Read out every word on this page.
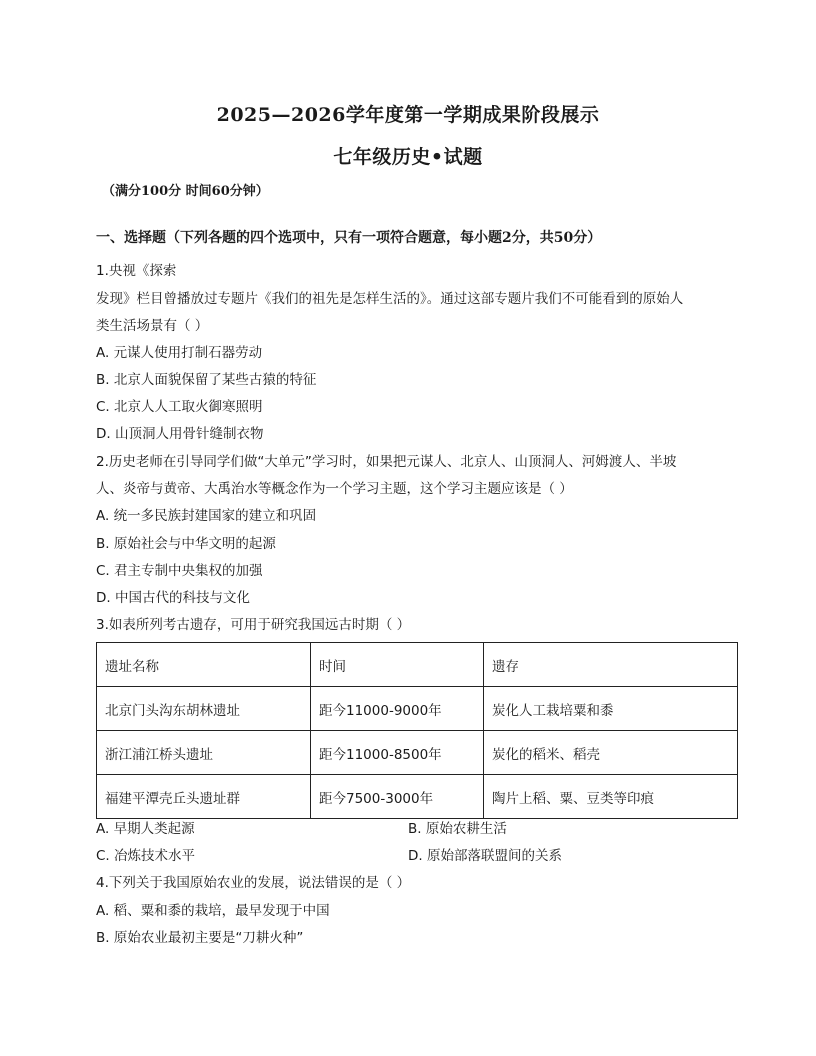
2025—2026学年度第一学期成果阶段展示
七年级历史•试题
（满分100分 时间60分钟）
一、选择题（下列各题的四个选项中，只有一项符合题意，每小题2分，共50分）
1.央视《探索
发现》栏目曾播放过专题片《我们的祖先是怎样生活的》。通过这部专题片我们不可能看到的原始人
类生活场景有（ ）
A. 元谋人使用打制石器劳动
B. 北京人面貌保留了某些古猿的特征
C. 北京人人工取火御寒照明
D. 山顶洞人用骨针缝制衣物
2.历史老师在引导同学们做“大单元”学习时，如果把元谋人、北京人、山顶洞人、河姆渡人、半坡
人、炎帝与黄帝、大禹治水等概念作为一个学习主题，这个学习主题应该是（ ）
A. 统一多民族封建国家的建立和巩固
B. 原始社会与中华文明的起源
C. 君主专制中央集权的加强
D. 中国古代的科技与文化
3.如表所列考古遗存，可用于研究我国远古时期（ ）
遗址名称	时间	遗存
北京门头沟东胡林遗址	距今11000-9000年	炭化人工栽培粟和黍
浙江浦江桥头遗址	距今11000-8500年	炭化的稻米、稻壳
福建平潭壳丘头遗址群	距今7500-3000年	陶片上稻、粟、豆类等印痕
A. 早期人类起源	B. 原始农耕生活
C. 冶炼技术水平	D. 原始部落联盟间的关系
4.下列关于我国原始农业的发展，说法错误的是（ ）
A. 稻、粟和黍的栽培，最早发现于中国
B. 原始农业最初主要是“刀耕火种”
